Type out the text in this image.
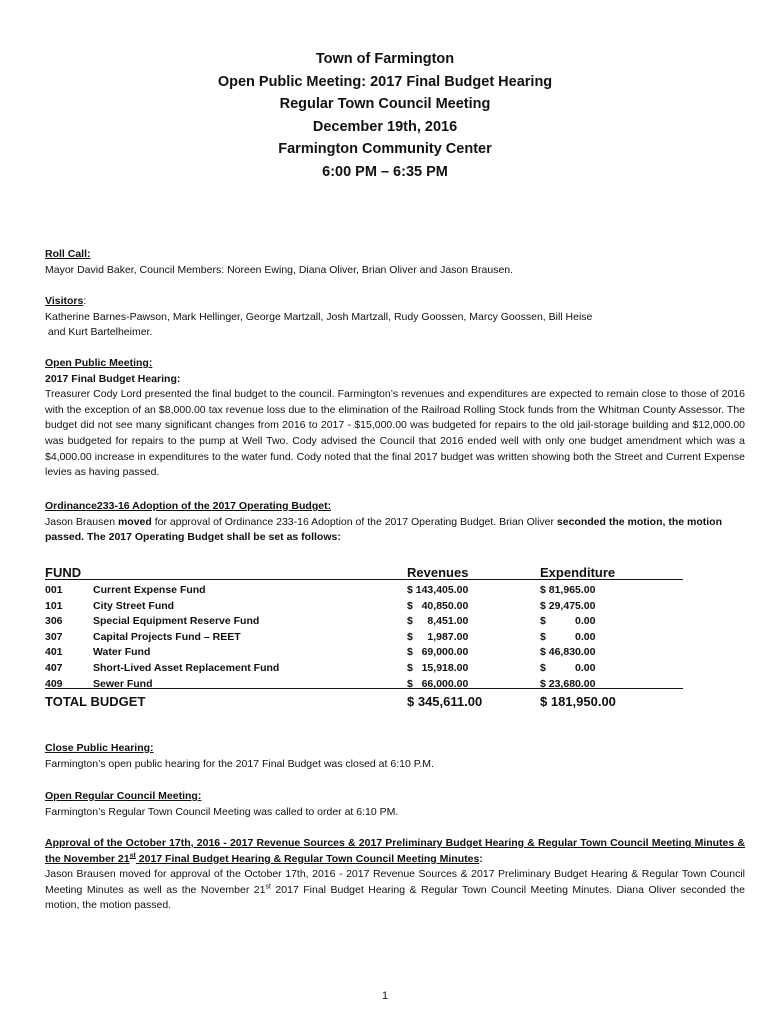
Town of Farmington
Open Public Meeting: 2017 Final Budget Hearing
Regular Town Council Meeting
December 19th, 2016
Farmington Community Center
6:00 PM – 6:35 PM
Roll Call:
Mayor David Baker, Council Members: Noreen Ewing, Diana Oliver, Brian Oliver and Jason Brausen.
Visitors:
Katherine Barnes-Pawson, Mark Hellinger, George Martzall, Josh Martzall, Rudy Goossen, Marcy Goossen, Bill Heise
and Kurt Bartelheimer.
Open Public Meeting:
2017 Final Budget Hearing:
Treasurer Cody Lord presented the final budget to the council. Farmington’s revenues and expenditures are expected to remain close to those of 2016 with the exception of an $8,000.00 tax revenue loss due to the elimination of the Railroad Rolling Stock funds from the Whitman County Assessor. The budget did not see many significant changes from 2016 to 2017 - $15,000.00 was budgeted for repairs to the old jail-storage building and $12,000.00 was budgeted for repairs to the pump at Well Two. Cody advised the Council that 2016 ended well with only one budget amendment which was a $4,000.00 increase in expenditures to the water fund. Cody noted that the final 2017 budget was written showing both the Street and Current Expense levies as having passed.
Ordinance233-16 Adoption of the 2017 Operating Budget:
Jason Brausen moved for approval of Ordinance 233-16 Adoption of the 2017 Operating Budget. Brian Oliver seconded the motion, the motion passed. The 2017 Operating Budget shall be set as follows:
FUND	Revenues	Expenditure
001	Current Expense Fund	$ 143,405.00	$ 81,965.00
101	City Street Fund	$   40,850.00	$ 29,475.00
306	Special Equipment Reserve Fund	$     8,451.00	$          0.00
307	Capital Projects Fund – REET	$     1,987.00	$          0.00
401	Water Fund	$   69,000.00	$ 46,830.00
407	Short-Lived Asset Replacement Fund	$   15,918.00	$          0.00
409	Sewer Fund	$   66,000.00	$ 23,680.00
TOTAL BUDGET	$ 345,611.00	$ 181,950.00
Close Public Hearing:
Farmington’s open public hearing for the 2017 Final Budget was closed at 6:10 P.M.
Open Regular Council Meeting:
Farmington’s Regular Town Council Meeting was called to order at 6:10 PM.
Approval of the October 17th, 2016 - 2017 Revenue Sources & 2017 Preliminary Budget Hearing & Regular Town Council Meeting Minutes & the November 21st 2017 Final Budget Hearing & Regular Town Council Meeting Minutes:
Jason Brausen moved for approval of the October 17th, 2016 - 2017 Revenue Sources & 2017 Preliminary Budget Hearing & Regular Town Council Meeting Minutes as well as the November 21st 2017 Final Budget Hearing & Regular Town Council Meeting Minutes. Diana Oliver seconded the motion, the motion passed.
1
